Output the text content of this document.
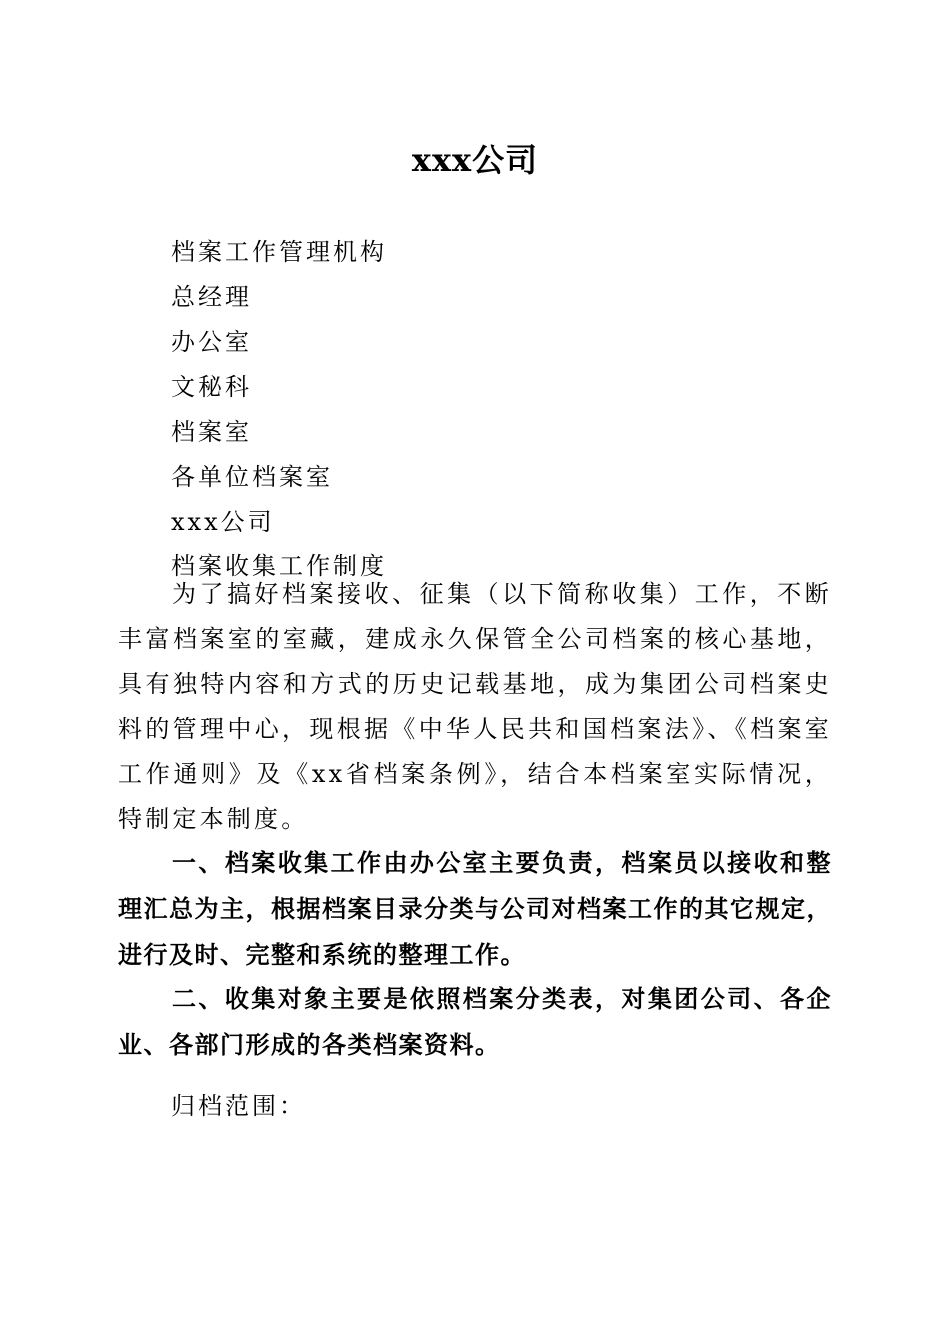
xxx公司
档案工作管理机构
总经理
办公室
文秘科
档案室
各单位档案室
xxx公司
档案收集工作制度

为了搞好档案接收、征集（以下简称收集）工作，不断丰富档案室的室藏，建成永久保管全公司档案的核心基地，具有独特内容和方式的历史记载基地，成为集团公司档案史料的管理中心，现根据《中华人民共和国档案法》、《档案室工作通则》及《xx省档案条例》，结合本档案室实际情况，特制定本制度。

一、档案收集工作由办公室主要负责，档案员以接收和整理汇总为主，根据档案目录分类与公司对档案工作的其它规定，进行及时、完整和系统的整理工作。

二、收集对象主要是依照档案分类表，对集团公司、各企业、各部门形成的各类档案资料。

归档范围：
